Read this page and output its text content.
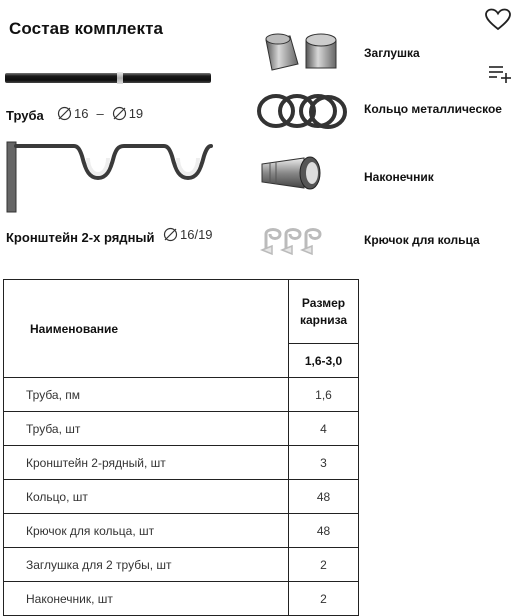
Состав комплекта
Труба 16 – 19
Кронштейн 2-х рядный 16/19
Заглушка
Кольцо металлическое
Наконечник
Крючок для кольца
Наименование	Размер карниза
	1,6-3,0
Труба, пм	1,6
Труба, шт	4
Кронштейн 2-рядный, шт	3
Кольцо, шт	48
Крючок для кольца, шт	48
Заглушка для 2 трубы, шт	2
Наконечник, шт	2
